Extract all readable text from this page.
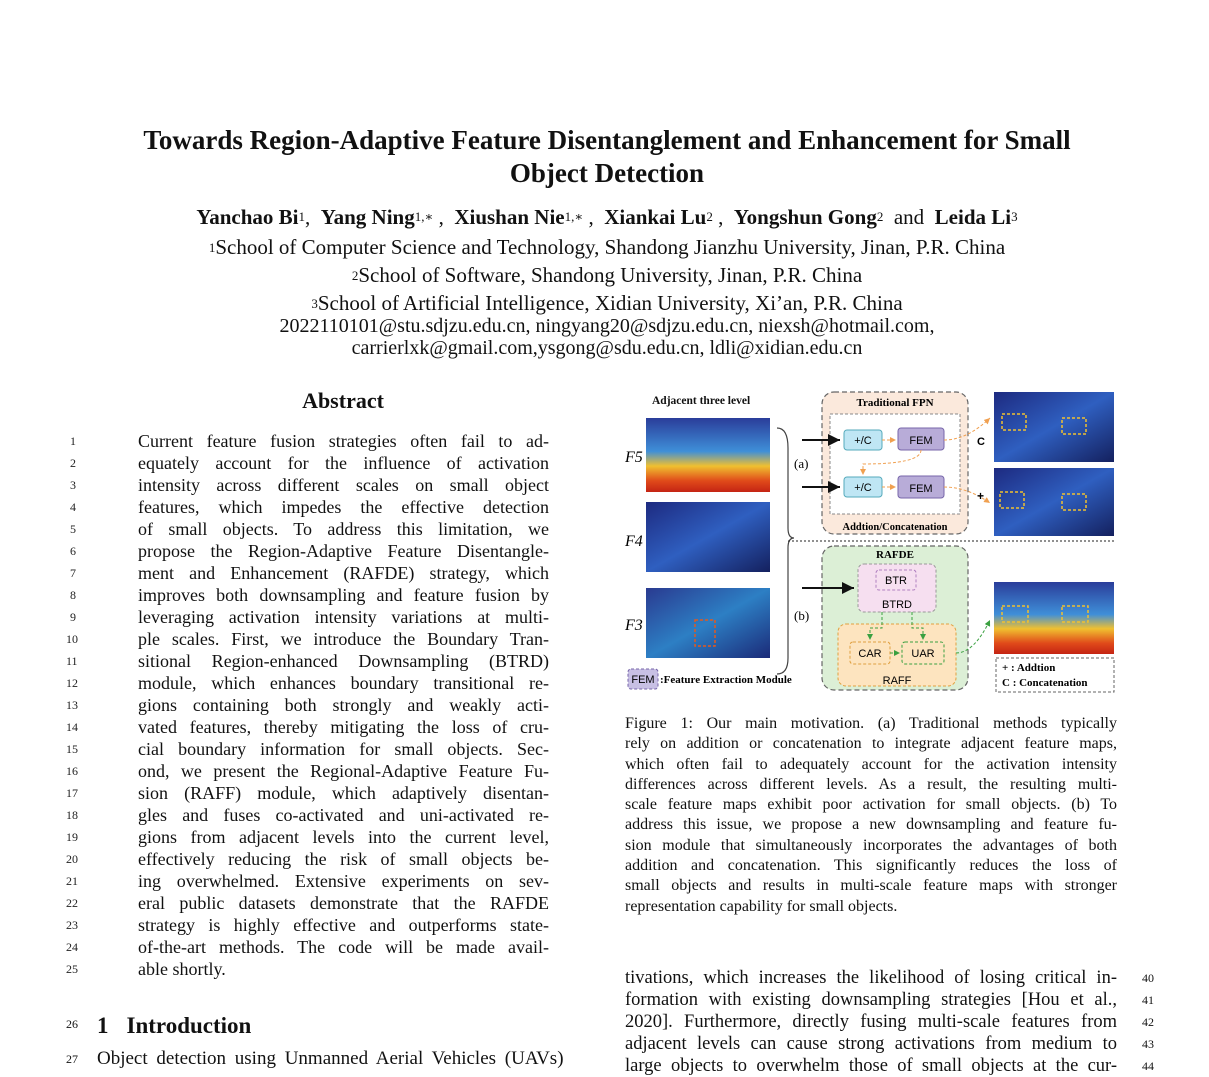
Towards Region-Adaptive Feature Disentanglement and Enhancement for Small
Object Detection
Yanchao Bi$^1$, Yang Ning$^{1,∗}$ , Xiushan Nie$^{1,∗}$ , Xiankai Lu$^2$ , Yongshun Gong$^2$ and Leida Li$^3$
$^1$School of Computer Science and Technology, Shandong Jianzhu University, Jinan, P.R. China
$^2$School of Software, Shandong University, Jinan, P.R. China
$^3$School of Artificial Intelligence, Xidian University, Xi’an, P.R. China
2022110101@stu.sdjzu.edu.cn, ningyang20@sdjzu.edu.cn, niexsh@hotmail.com,
carrierlxk@gmail.com,ysgong@sdu.edu.cn, ldli@xidian.edu.cn
Abstract
Current feature fusion strategies often fail to ad-
equately account for the influence of activation
intensity across different scales on small object
features, which impedes the effective detection
of small objects. To address this limitation, we
propose the Region-Adaptive Feature Disentangle-
ment and Enhancement (RAFDE) strategy, which
improves both downsampling and feature fusion by
leveraging activation intensity variations at multi-
ple scales. First, we introduce the Boundary Tran-
sitional Region-enhanced Downsampling (BTRD)
module, which enhances boundary transitional re-
gions containing both strongly and weakly acti-
vated features, thereby mitigating the loss of cru-
cial boundary information for small objects. Sec-
ond, we present the Regional-Adaptive Feature Fu-
sion (RAFF) module, which adaptively disentan-
gles and fuses co-activated and uni-activated re-
gions from adjacent levels into the current level,
effectively reducing the risk of small objects be-
ing overwhelmed. Extensive experiments on sev-
eral public datasets demonstrate that the RAFDE
strategy is highly effective and outperforms state-
of-the-art methods. The code will be made avail-
able shortly.
1
2
3
4
5
6
7
8
9
10
11
12
13
14
15
16
17
18
19
20
21
22
23
24
25
26 1 Introduction
27 Object detection using Unmanned Aerial Vehicles (UAVs)
Adjacent three level
F5
F4
F3
(a)
(b)
Traditional FPN
+/C	FEM
+/C	FEM
Addtion/Concatenation
C
+
RAFDE
BTR
BTRD
CAR	UAR
RAFF
FEM :Feature Extraction Module
+ : Addtion
C : Concatenation
Figure 1: Our main motivation. (a) Traditional methods typically
rely on addition or concatenation to integrate adjacent feature maps,
which often fail to adequately account for the activation intensity
differences across different levels. As a result, the resulting multi-
scale feature maps exhibit poor activation for small objects. (b) To
address this issue, we propose a new downsampling and feature fu-
sion module that simultaneously incorporates the advantages of both
addition and concatenation. This significantly reduces the loss of
small objects and results in multi-scale feature maps with stronger
representation capability for small objects.
tivations, which increases the likelihood of losing critical in-
formation with existing downsampling strategies [Hou et al.,
2020]. Furthermore, directly fusing multi-scale features from
adjacent levels can cause strong activations from medium to
large objects to overwhelm those of small objects at the cur-
40
41
42
43
44
